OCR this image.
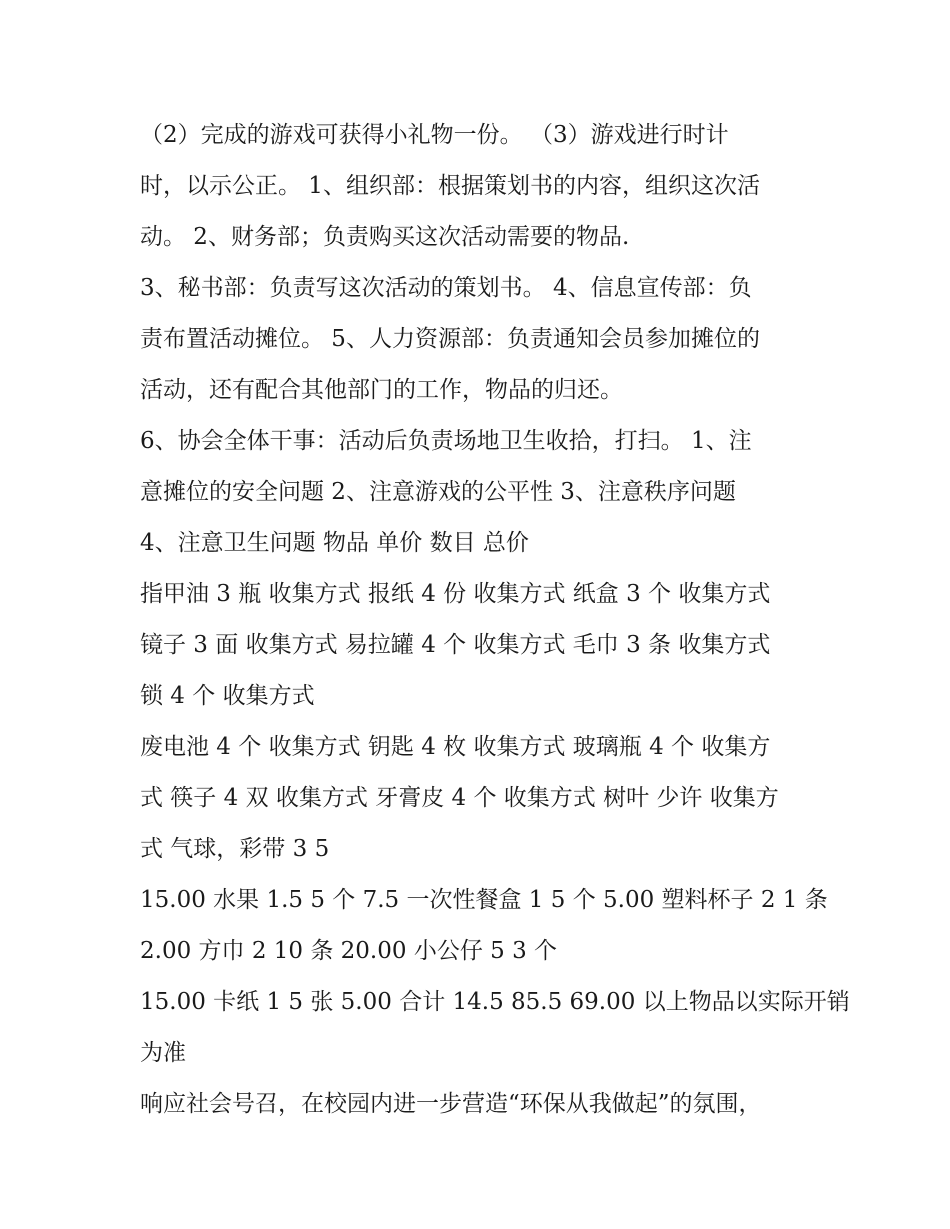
（2）完成的游戏可获得小礼物一份。 （3）游戏进行时计
时，以示公正。 1、组织部：根据策划书的内容，组织这次活
动。 2、财务部；负责购买这次活动需要的物品.
3、秘书部：负责写这次活动的策划书。 4、信息宣传部：负
责布置活动摊位。 5、人力资源部：负责通知会员参加摊位的
活动，还有配合其他部门的工作，物品的归还。
6、协会全体干事：活动后负责场地卫生收拾，打扫。 1、注
意摊位的安全问题 2、注意游戏的公平性 3、注意秩序问题
4、注意卫生问题 物品 单价 数目 总价
指甲油 3 瓶 收集方式 报纸 4 份 收集方式 纸盒 3 个 收集方式
镜子 3 面 收集方式 易拉罐 4 个 收集方式 毛巾 3 条 收集方式
锁 4 个 收集方式
废电池 4 个 收集方式 钥匙 4 枚 收集方式 玻璃瓶 4 个 收集方
式 筷子 4 双 收集方式 牙膏皮 4 个 收集方式 树叶 少许 收集方
式 气球，彩带 3 5
15.00 水果 1.5 5 个 7.5 一次性餐盒 1 5 个 5.00 塑料杯子 2 1 条
2.00 方巾 2 10 条 20.00 小公仔 5 3 个
15.00 卡纸 1 5 张 5.00 合计 14.5 85.5 69.00 以上物品以实际开销
为准
响应社会号召，在校园内进一步营造“环保从我做起”的氛围，
